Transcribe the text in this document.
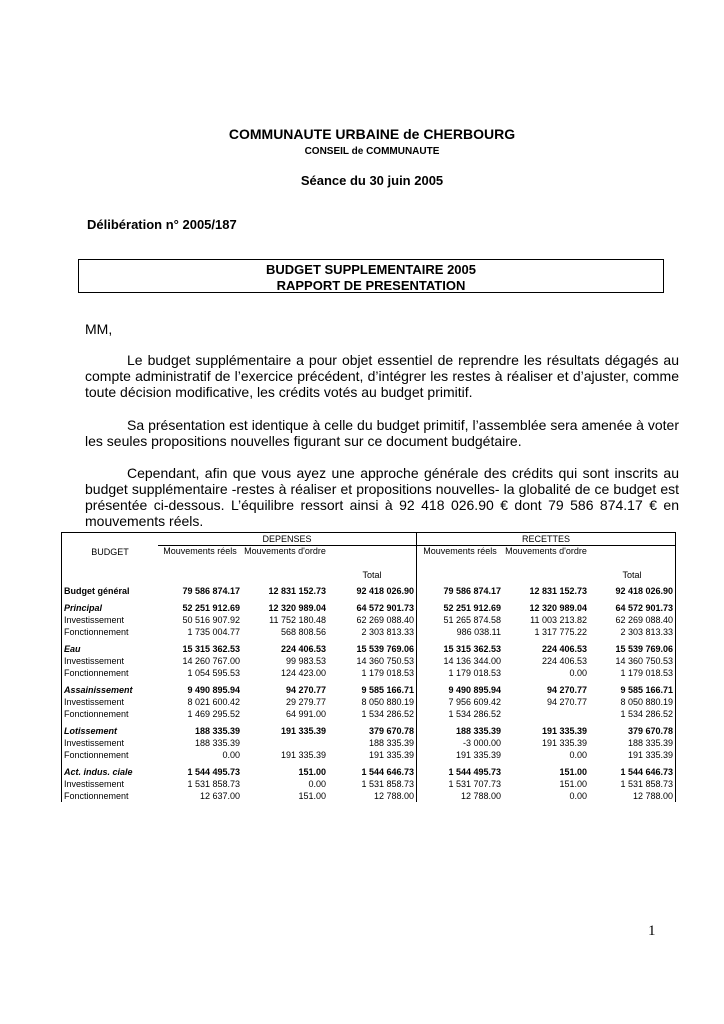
COMMUNAUTE URBAINE de CHERBOURG
CONSEIL de COMMUNAUTE
Séance du 30 juin 2005
Délibération n° 2005/187
BUDGET SUPPLEMENTAIRE 2005
RAPPORT DE PRESENTATION
MM,
Le budget supplémentaire a pour objet essentiel de reprendre les résultats dégagés au compte administratif de l’exercice précédent, d’intégrer les restes à réaliser et d’ajuster, comme toute décision modificative, les crédits votés au budget primitif.
Sa présentation est identique à celle du budget primitif, l’assemblée sera amenée à voter les seules propositions nouvelles figurant sur ce document budgétaire.
Cependant, afin que vous ayez une approche générale des crédits qui sont inscrits au budget supplémentaire -restes à réaliser et propositions nouvelles- la globalité de ce budget est présentée ci-dessous. L’équilibre ressort ainsi à 92 418 026.90 € dont 79 586 874.17 € en mouvements réels.
BUDGET	DEPENSES			RECETTES		
	Mouvements réels	Mouvements d'ordre	Total	Mouvements réels	Mouvements d'ordre	Total

Budget général	79 586 874.17	12 831 152.73	92 418 026.90	79 586 874.17	12 831 152.73	92 418 026.90

Principal	52 251 912.69	12 320 989.04	64 572 901.73	52 251 912.69	12 320 989.04	64 572 901.73
Investissement	50 516 907.92	11 752 180.48	62 269 088.40	51 265 874.58	11 003 213.82	62 269 088.40
Fonctionnement	1 735 004.77	568 808.56	2 303 813.33	986 038.11	1 317 775.22	2 303 813.33

Eau	15 315 362.53	224 406.53	15 539 769.06	15 315 362.53	224 406.53	15 539 769.06
Investissement	14 260 767.00	99 983.53	14 360 750.53	14 136 344.00	224 406.53	14 360 750.53
Fonctionnement	1 054 595.53	124 423.00	1 179 018.53	1 179 018.53	0.00	1 179 018.53

Assainissement	9 490 895.94	94 270.77	9 585 166.71	9 490 895.94	94 270.77	9 585 166.71
Investissement	8 021 600.42	29 279.77	8 050 880.19	7 956 609.42	94 270.77	8 050 880.19
Fonctionnement	1 469 295.52	64 991.00	1 534 286.52	1 534 286.52		1 534 286.52

Lotissement	188 335.39	191 335.39	379 670.78	188 335.39	191 335.39	379 670.78
Investissement	188 335.39		188 335.39	-3 000.00	191 335.39	188 335.39
Fonctionnement	0.00	191 335.39	191 335.39	191 335.39	0.00	191 335.39

Act. indus. ciale	1 544 495.73	151.00	1 544 646.73	1 544 495.73	151.00	1 544 646.73
Investissement	1 531 858.73	0.00	1 531 858.73	1 531 707.73	151.00	1 531 858.73
Fonctionnement	12 637.00	151.00	12 788.00	12 788.00	0.00	12 788.00
1
